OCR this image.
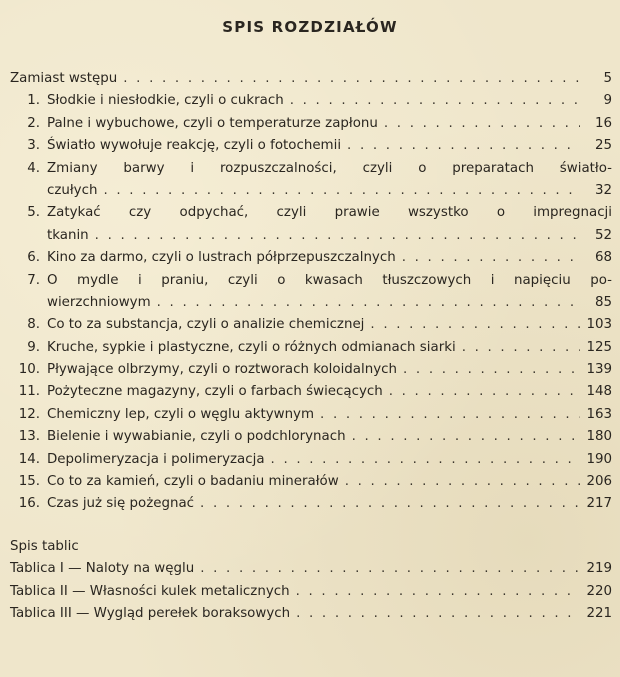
SPIS ROZDZIAŁÓW
Zamiast wstępu . . .	5
1. Słodkie i niesłodkie, czyli o cukrach . . .	9
2. Palne i wybuchowe, czyli o temperaturze zapłonu . . .	16
3. Światło wywołuje reakcję, czyli o fotochemii . . .	25
4. Zmiany barwy i rozpuszczalności, czyli o preparatach światło-
czułych . . .	32
5. Zatykać czy odpychać, czyli prawie wszystko o impregnacji
tkanin . . .	52
6. Kino za darmo, czyli o lustrach półprzepuszczalnych . . .	68
7. O mydle i praniu, czyli o kwasach tłuszczowych i napięciu po-
wierzchniowym . . .	85
8. Co to za substancja, czyli o analizie chemicznej . . .	103
9. Kruche, sypkie i plastyczne, czyli o różnych odmianach siarki . . .	125
10. Pływające olbrzymy, czyli o roztworach koloidalnych . . .	139
11. Pożyteczne magazyny, czyli o farbach świecących . . .	148
12. Chemiczny lep, czyli o węglu aktywnym . . .	163
13. Bielenie i wywabianie, czyli o podchlorynach . . .	180
14. Depolimeryzacja i polimeryzacja . . .	190
15. Co to za kamień, czyli o badaniu minerałów . . .	206
16. Czas już się pożegnać . . .	217
Spis tablic
Tablica I — Naloty na węglu . . .	219
Tablica II — Własności kulek metalicznych . . .	220
Tablica III — Wygląd perełek boraksowych . . .	221
